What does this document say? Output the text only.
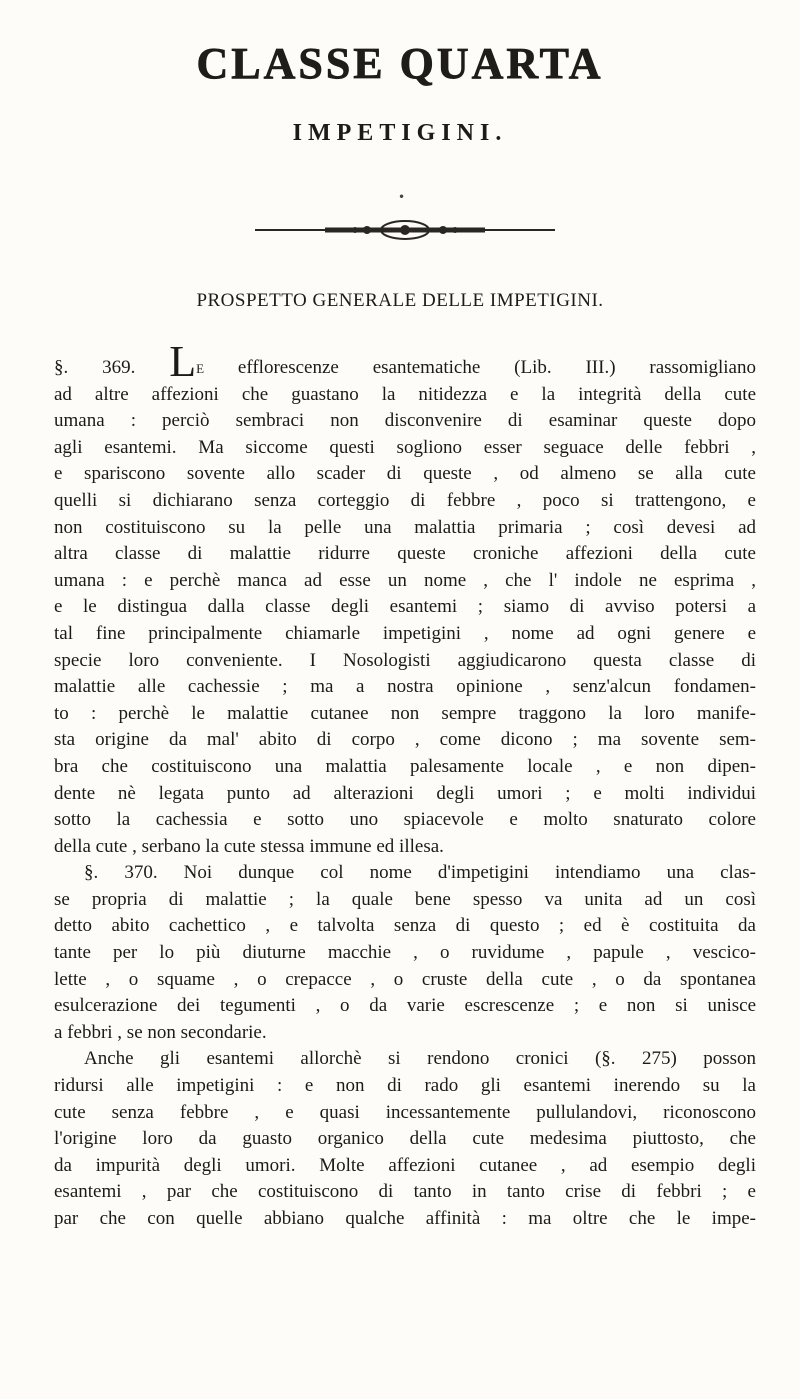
CLASSE QUARTA
IMPETIGINI.
•
PROSPETTO GENERALE DELLE IMPETIGINI.
§. 369. Le efflorescenze esantematiche (Lib. III.) rassomigliano
ad altre affezioni che guastano la nitidezza e la integrità della cute
umana : perciò sembraci non disconvenire di esaminar queste dopo
agli esantemi. Ma siccome questi sogliono esser seguace delle febbri ,
e spariscono sovente allo scader di queste , od almeno se alla cute
quelli si dichiarano senza corteggio di febbre , poco si trattengono, e
non costituiscono su la pelle una malattia primaria ; così devesi ad
altra classe di malattie ridurre queste croniche affezioni della cute
umana : e perchè manca ad esse un nome , che l' indole ne esprima ,
e le distingua dalla classe degli esantemi ; siamo di avviso potersi a
tal fine principalmente chiamarle impetigini , nome ad ogni genere e
specie loro conveniente. I Nosologisti aggiudicarono questa classe di
malattie alle cachessie ; ma a nostra opinione , senz'alcun fondamen-
to : perchè le malattie cutanee non sempre traggono la loro manife-
sta origine da mal' abito di corpo , come dicono ; ma sovente sem-
bra che costituiscono una malattia palesamente locale , e non dipen-
dente nè legata punto ad alterazioni degli umori ; e molti individui
sotto la cachessia e sotto uno spiacevole e molto snaturato colore
della cute , serbano la cute stessa immune ed illesa.
§. 370. Noi dunque col nome d'impetigini intendiamo una clas-
se propria di malattie ; la quale bene spesso va unita ad un così
detto abito cachettico , e talvolta senza di questo ; ed è costituita da
tante per lo più diuturne macchie , o ruvidume , papule , vescico-
lette , o squame , o crepacce , o cruste della cute , o da spontanea
esulcerazione dei tegumenti , o da varie escrescenze ; e non si unisce
a febbri , se non secondarie.
Anche gli esantemi allorchè si rendono cronici (§. 275) posson
ridursi alle impetigini : e non di rado gli esantemi inerendo su la
cute senza febbre , e quasi incessantemente pullulandovi, riconoscono
l'origine loro da guasto organico della cute medesima piuttosto, che
da impurità degli umori. Molte affezioni cutanee , ad esempio degli
esantemi , par che costituiscono di tanto in tanto crise di febbri ; e
par che con quelle abbiano qualche affinità : ma oltre che le impe-
